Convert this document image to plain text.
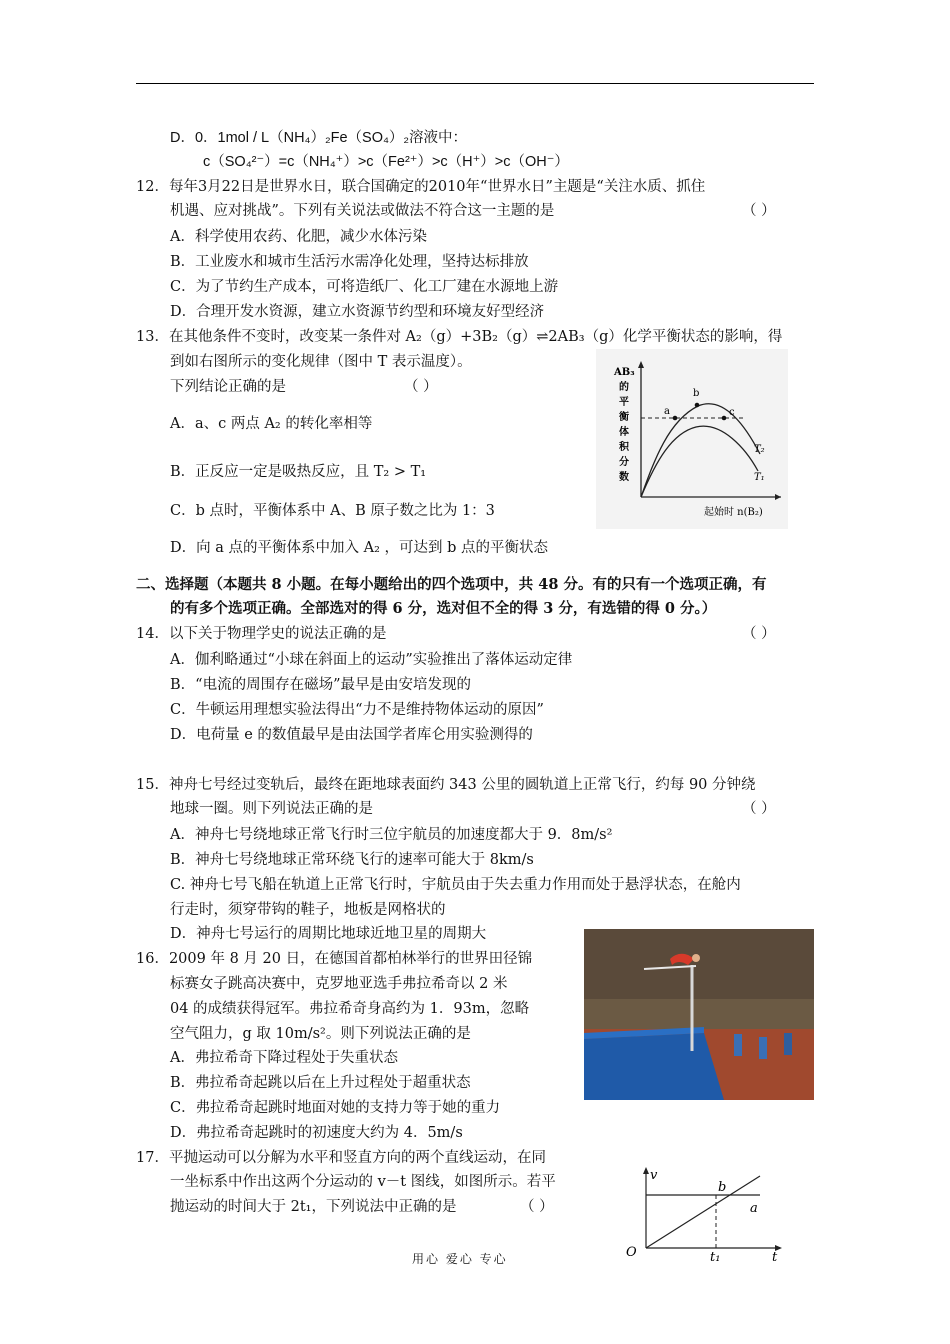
D．0．1mol / L（NH₄）₂Fe（SO₄）₂溶液中：
c（SO₄²⁻）=c（NH₄⁺）>c（Fe²⁺）>c（H⁺）>c（OH⁻）
12．每年3月22日是世界水日，联合国确定的2010年“世界水日”主题是“关注水质、抓住
机遇、应对挑战”。下列有关说法或做法不符合这一主题的是	（ ）
A．科学使用农药、化肥，减少水体污染
B．工业废水和城市生活污水需净化处理，坚持达标排放
C．为了节约生产成本，可将造纸厂、化工厂建在水源地上游
D．合理开发水资源，建立水资源节约型和环境友好型经济
13．在其他条件不变时，改变某一条件对 A₂（g）+3B₂（g）⇌2AB₃（g）化学平衡状态的影响，得
到如右图所示的变化规律（图中 T 表示温度）。
下列结论正确的是	（ ）
A．a、c 两点 A₂ 的转化率相等
B．正反应一定是吸热反应，且 T₂ > T₁
C．b 点时，平衡体系中 A、B 原子数之比为 1：3
D．向 a 点的平衡体系中加入 A₂ ，可达到 b 点的平衡状态
a
b
c
T₂
T₁
AB₃
的
平
衡
体
积
分
数
起始时 n(B₂)
二、选择题（本题共 8 小题。在每小题给出的四个选项中，共 48 分。有的只有一个选项正确，有
的有多个选项正确。全部选对的得 6 分，选对但不全的得 3 分，有选错的得 0 分。）
14．以下关于物理学史的说法正确的是	（ ）
A．伽利略通过“小球在斜面上的运动”实验推出了落体运动定律
B．“电流的周围存在磁场”最早是由安培发现的
C．牛顿运用理想实验法得出“力不是维持物体运动的原因”
D．电荷量 e 的数值最早是由法国学者库仑用实验测得的
15．神舟七号经过变轨后，最终在距地球表面约 343 公里的圆轨道上正常飞行，约每 90 分钟绕
地球一圈。则下列说法正确的是	（ ）
A．神舟七号绕地球正常飞行时三位宇航员的加速度都大于 9．8m/s²
B．神舟七号绕地球正常环绕飞行的速率可能大于 8km/s
C. 神舟七号飞船在轨道上正常飞行时，宇航员由于失去重力作用而处于悬浮状态，在舱内
行走时，须穿带钩的鞋子，地板是网格状的
D．神舟七号运行的周期比地球近地卫星的周期大
16．2009 年 8 月 20 日，在德国首都柏林举行的世界田径锦
标赛女子跳高决赛中，克罗地亚选手弗拉希奇以 2 米
04 的成绩获得冠军。弗拉希奇身高约为 1．93m，忽略
空气阻力，g 取 10m/s²。则下列说法正确的是
A．弗拉希奇下降过程处于失重状态
B．弗拉希奇起跳以后在上升过程处于超重状态
C．弗拉希奇起跳时地面对她的支持力等于她的重力
D．弗拉希奇起跳时的初速度大约为 4．5m/s
17．平抛运动可以分解为水平和竖直方向的两个直线运动，在同
一坐标系中作出这两个分运动的 v－t 图线，如图所示。若平
抛运动的时间大于 2t₁，下列说法中正确的是	（ ）
v
t
O
b
a
t₁
用心 爱心 专心
